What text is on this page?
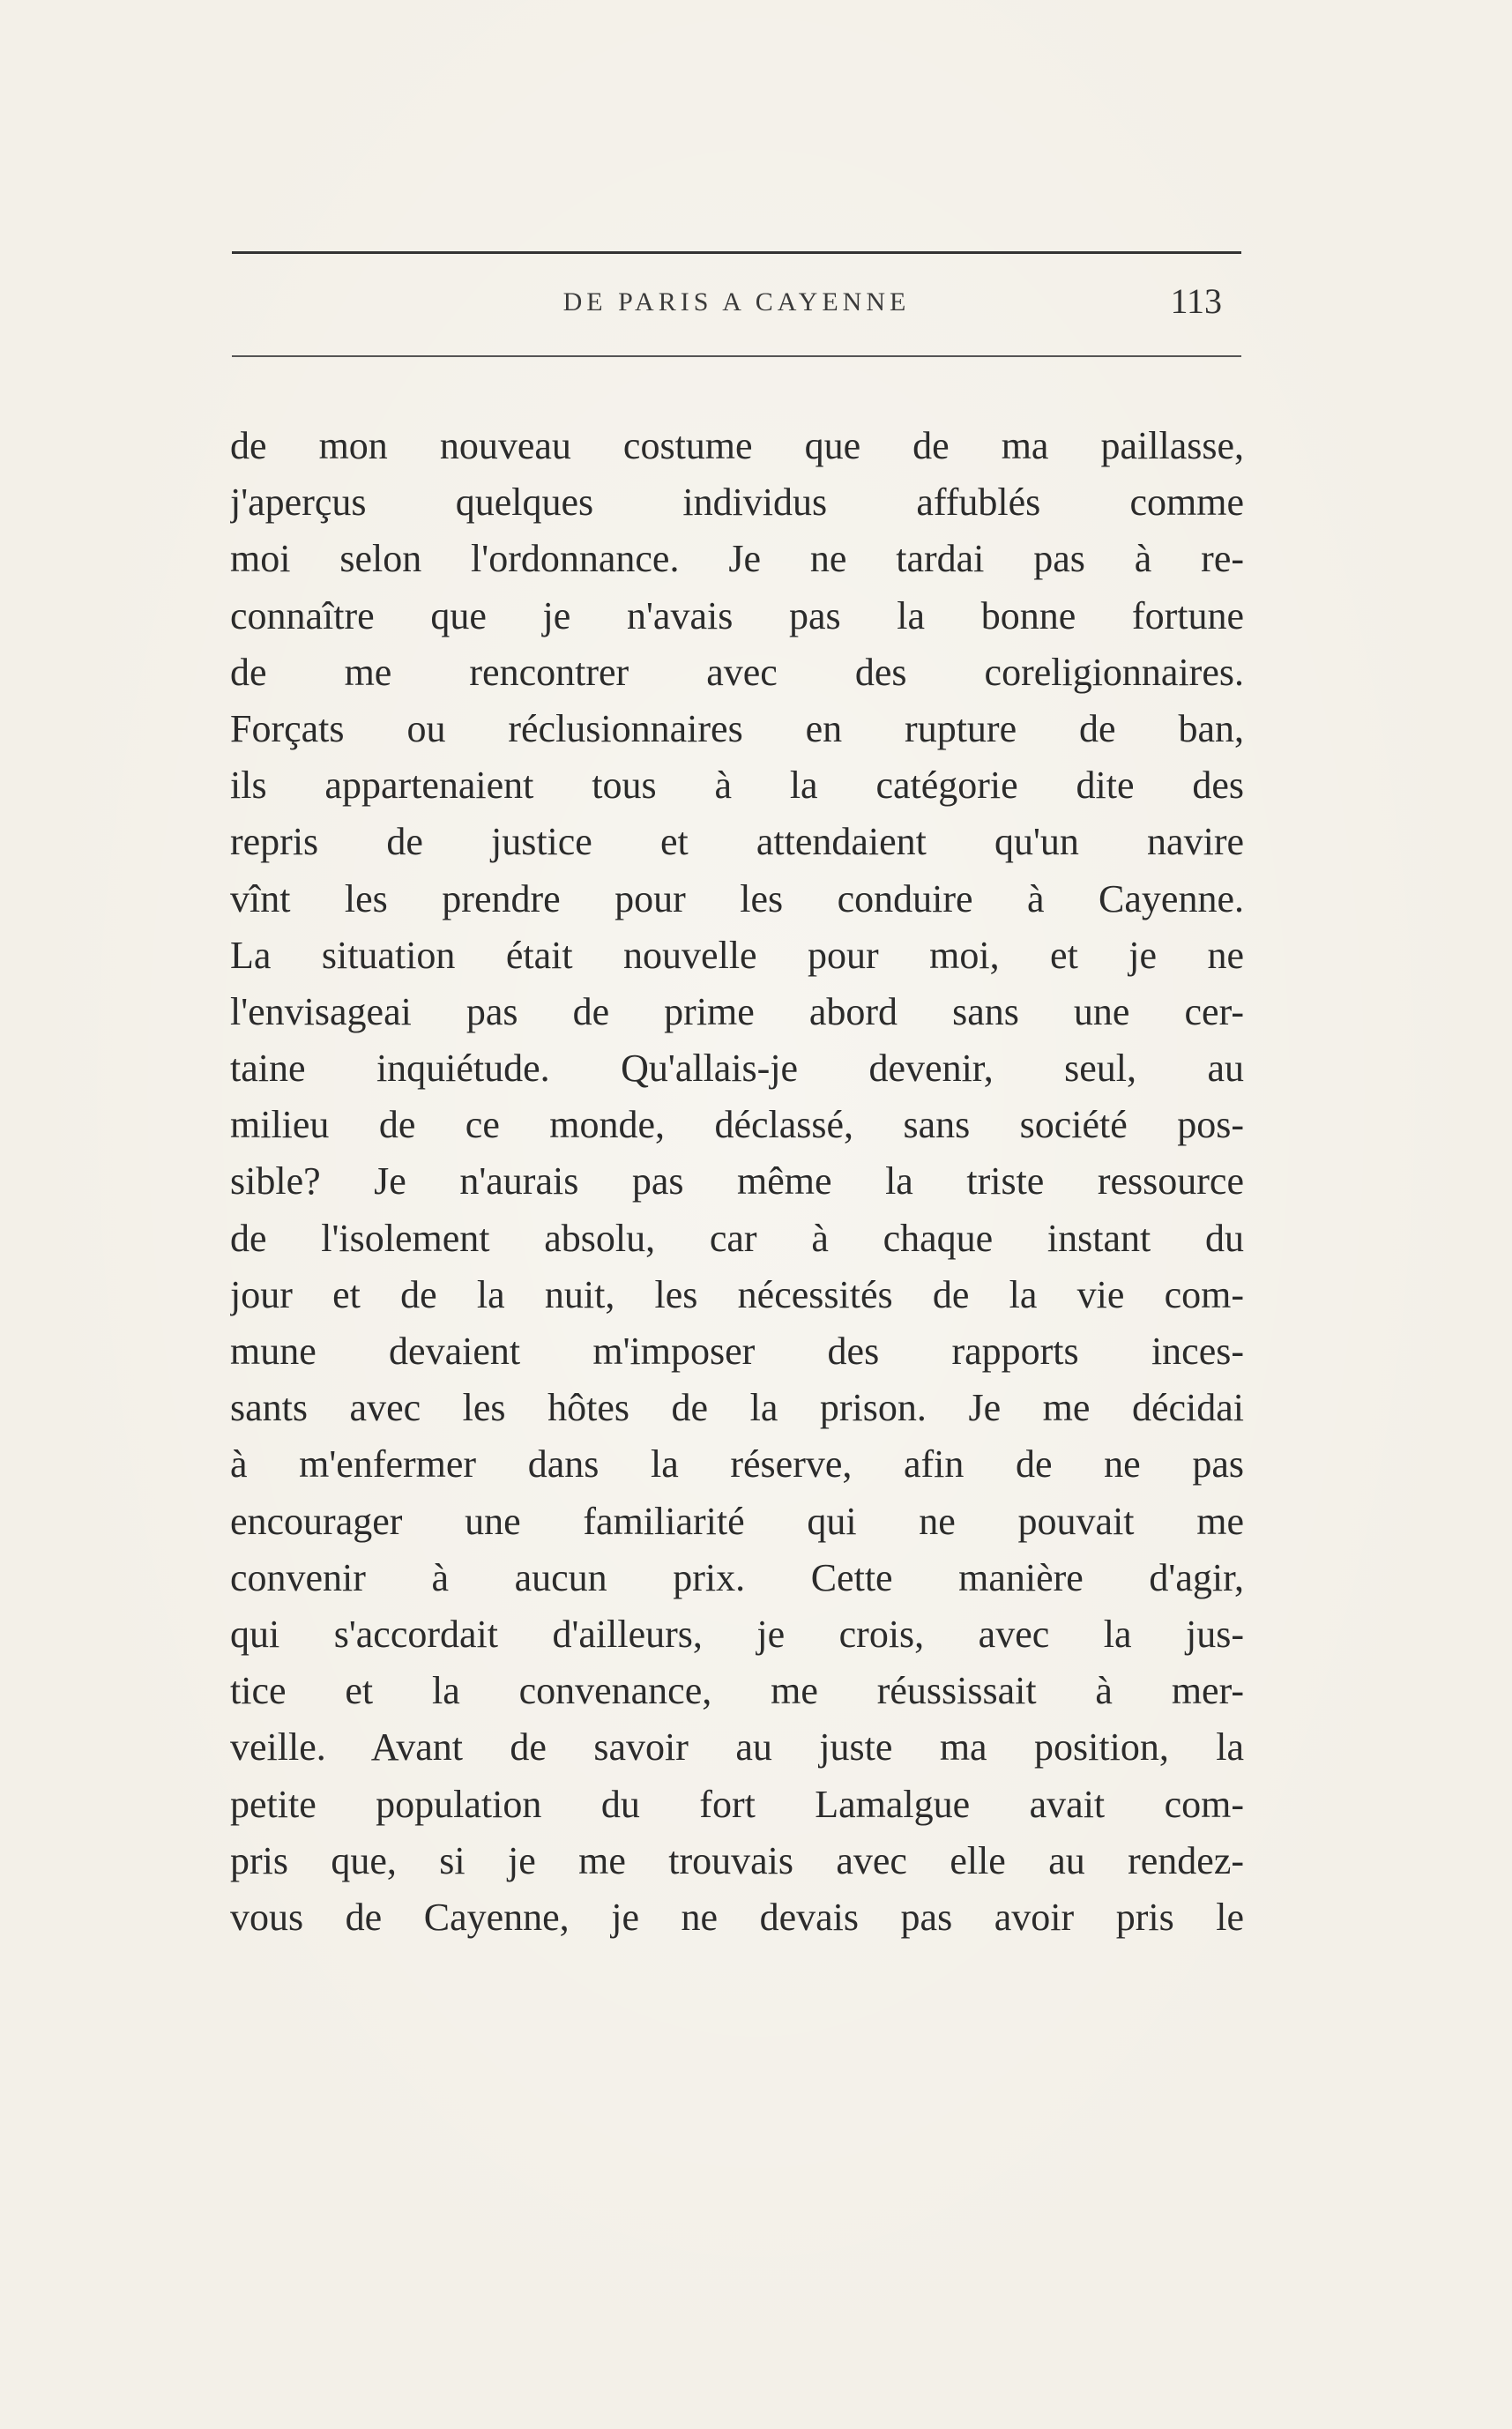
DE PARIS A CAYENNE	113
de mon nouveau costume que de ma paillasse,
j'aperçus quelques individus affublés comme
moi selon l'ordonnance. Je ne tardai pas à re-
connaître que je n'avais pas la bonne fortune
de me rencontrer avec des coreligionnaires.
Forçats ou réclusionnaires en rupture de ban,
ils appartenaient tous à la catégorie dite des
repris de justice et attendaient qu'un navire
vînt les prendre pour les conduire à Cayenne.
La situation était nouvelle pour moi, et je ne
l'envisageai pas de prime abord sans une cer-
taine inquiétude. Qu'allais-je devenir, seul, au
milieu de ce monde, déclassé, sans société pos-
sible? Je n'aurais pas même la triste ressource
de l'isolement absolu, car à chaque instant du
jour et de la nuit, les nécessités de la vie com-
mune devaient m'imposer des rapports inces-
sants avec les hôtes de la prison. Je me décidai
à m'enfermer dans la réserve, afin de ne pas
encourager une familiarité qui ne pouvait me
convenir à aucun prix. Cette manière d'agir,
qui s'accordait d'ailleurs, je crois, avec la jus-
tice et la convenance, me réussissait à mer-
veille. Avant de savoir au juste ma position, la
petite population du fort Lamalgue avait com-
pris que, si je me trouvais avec elle au rendez-
vous de Cayenne, je ne devais pas avoir pris le
